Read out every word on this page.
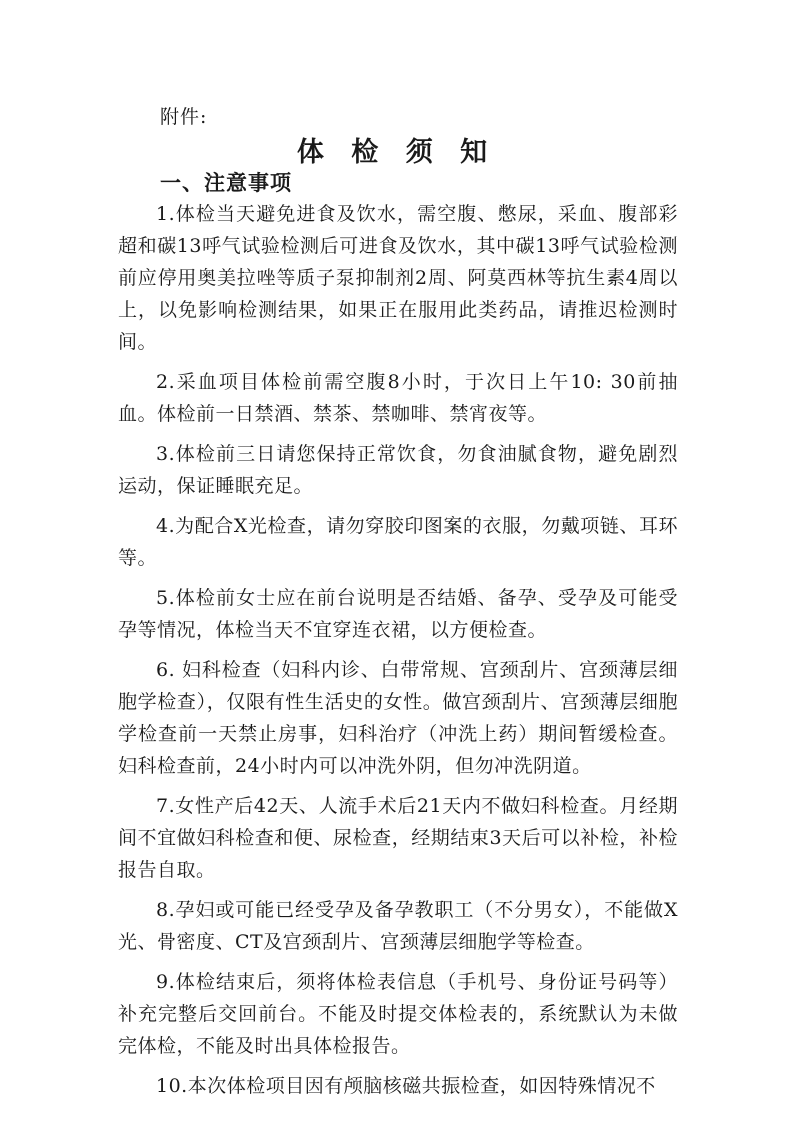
附件:
体 检 须 知
一、注意事项

1.体检当天避免进食及饮水，需空腹、憋尿，采血、腹部彩超和碳13呼气试验检测后可进食及饮水，其中碳13呼气试验检测前应停用奥美拉唑等质子泵抑制剂2周、阿莫西林等抗生素4周以上，以免影响检测结果，如果正在服用此类药品，请推迟检测时间。

2.采血项目体检前需空腹8小时，于次日上午10: 30前抽血。体检前一日禁酒、禁茶、禁咖啡、禁宵夜等。

3.体检前三日请您保持正常饮食，勿食油腻食物，避免剧烈运动，保证睡眠充足。

4.为配合X光检查，请勿穿胶印图案的衣服，勿戴项链、耳环等。

5.体检前女士应在前台说明是否结婚、备孕、受孕及可能受孕等情况，体检当天不宜穿连衣裙，以方便检查。

6. 妇科检查（妇科内诊、白带常规、宫颈刮片、宫颈薄层细胞学检查），仅限有性生活史的女性。做宫颈刮片、宫颈薄层细胞学检查前一天禁止房事，妇科治疗（冲洗上药）期间暂缓检查。妇科检查前，24小时内可以冲洗外阴，但勿冲洗阴道。

7.女性产后42天、人流手术后21天内不做妇科检查。月经期间不宜做妇科检查和便、尿检查，经期结束3天后可以补检，补检报告自取。

8.孕妇或可能已经受孕及备孕教职工（不分男女），不能做X光、骨密度、CT及宫颈刮片、宫颈薄层细胞学等检查。

9.体检结束后，须将体检表信息（手机号、身份证号码等）补充完整后交回前台。不能及时提交体检表的，系统默认为未做完体检，不能及时出具体检报告。

10.本次体检项目因有颅脑核磁共振检查，如因特殊情况不
